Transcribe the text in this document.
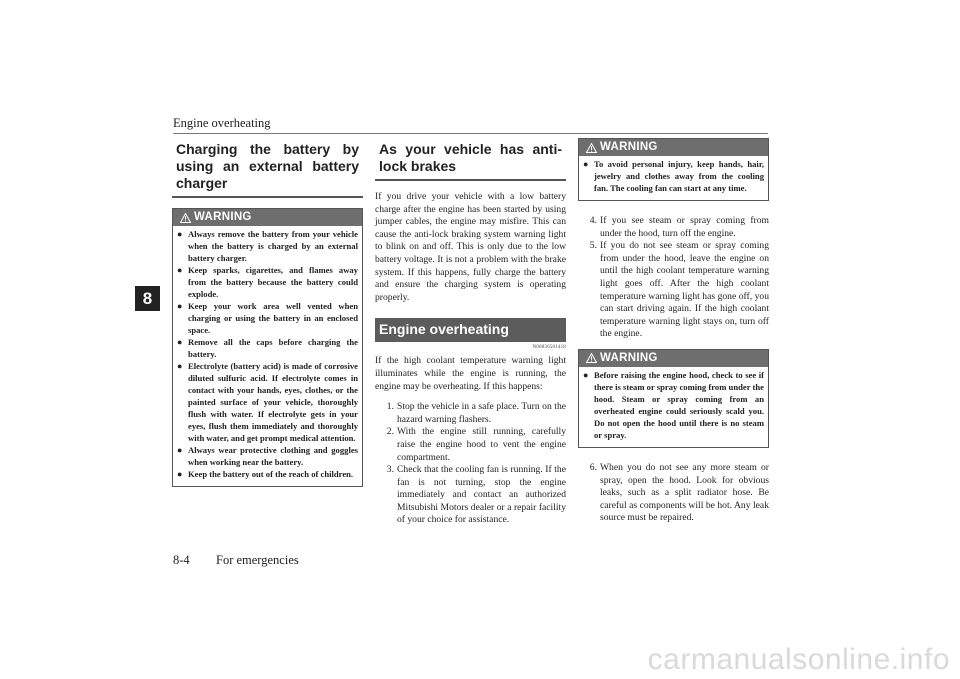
Engine overheating
8
Charging the battery by using an external battery charger
WARNING
● Always remove the battery from your vehicle when the battery is charged by an external battery charger.
● Keep sparks, cigarettes, and flames away from the battery because the battery could explode.
● Keep your work area well vented when charging or using the battery in an enclosed space.
● Remove all the caps before charging the battery.
● Electrolyte (battery acid) is made of corrosive diluted sulfuric acid. If electrolyte comes in contact with your hands, eyes, clothes, or the painted surface of your vehicle, thoroughly flush with water. If electrolyte gets in your eyes, flush them immediately and thoroughly with water, and get prompt medical attention.
● Always wear protective clothing and goggles when working near the battery.
● Keep the battery out of the reach of children.
As your vehicle has anti-lock brakes
If you drive your vehicle with a low battery charge after the engine has been started by using jumper cables, the engine may misfire. This can cause the anti-lock braking system warning light to blink on and off. This is only due to the low battery voltage. It is not a problem with the brake system. If this happens, fully charge the battery and ensure the charging system is operating properly.
Engine overheating
N00836501418
If the high coolant temperature warning light illuminates while the engine is running, the engine may be overheating. If this happens:
1. Stop the vehicle in a safe place. Turn on the hazard warning flashers.
2. With the engine still running, carefully raise the engine hood to vent the engine compartment.
3. Check that the cooling fan is running. If the fan is not turning, stop the engine immediately and contact an authorized Mitsubishi Motors dealer or a repair facility of your choice for assistance.
WARNING
● To avoid personal injury, keep hands, hair, jewelry and clothes away from the cooling fan. The cooling fan can start at any time.
4. If you see steam or spray coming from under the hood, turn off the engine.
5. If you do not see steam or spray coming from under the hood, leave the engine on until the high coolant temperature warning light goes off. After the high coolant temperature warning light has gone off, you can start driving again. If the high coolant temperature warning light stays on, turn off the engine.
WARNING
● Before raising the engine hood, check to see if there is steam or spray coming from under the hood. Steam or spray coming from an overheated engine could seriously scald you. Do not open the hood until there is no steam or spray.
6. When you do not see any more steam or spray, open the hood. Look for obvious leaks, such as a split radiator hose. Be careful as components will be hot. Any leak source must be repaired.
8-4 For emergencies
carmanualsonline.info
